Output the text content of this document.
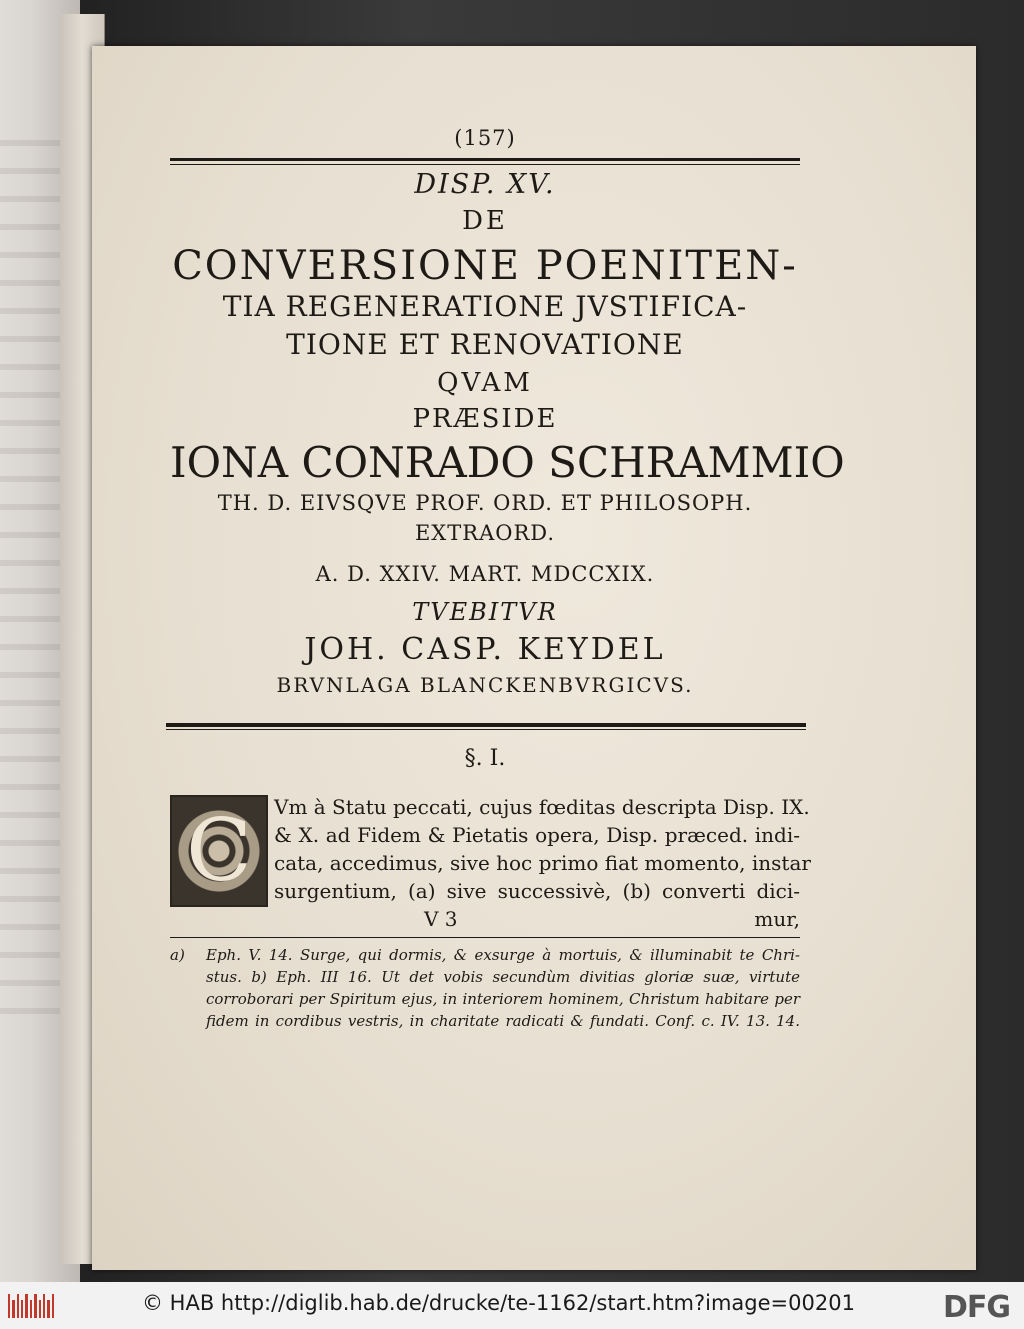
(157)

DISP. XV.

DE

CONVERSIONE POENITEN-

TIA REGENERATIONE JVSTIFICA-

TIONE ET RENOVATIONE

QVAM

PRÆSIDE

IONA CONRADO SCHRAMMIO

TH. D. EIVSQVE PROF. ORD. ET PHILOSOPH.

EXTRAORD.

A. D. XXIV. MART. MDCCXIX.

TVEBITVR

JOH. CASP. KEYDEL

BRVNLAGA BLANCKENBVRGICVS.

§. I.

C	Vm à Statu peccati, cujus fœditas descripta Disp. IX.
& X. ad Fidem & Pietatis opera, Disp. præced. indi-
cata, accedimus, sive hoc primo fiat momento, instar
surgentium, (a) sive successivè, (b) converti dici-
V 3	mur,
a) Eph. V. 14. Surge, qui dormis, & exsurge à mortuis, & illuminabit te Chri-
stus. b) Eph. III 16. Ut det vobis secundùm divitias gloriæ suæ, virtute
corroborari per Spiritum ejus, in interiorem hominem, Christum habitare per
fidem in cordibus vestris, in charitate radicati & fundati. Conf. c. IV. 13. 14.
© HAB http://diglib.hab.de/drucke/te-1162/start.htm?image=00201	DFG
